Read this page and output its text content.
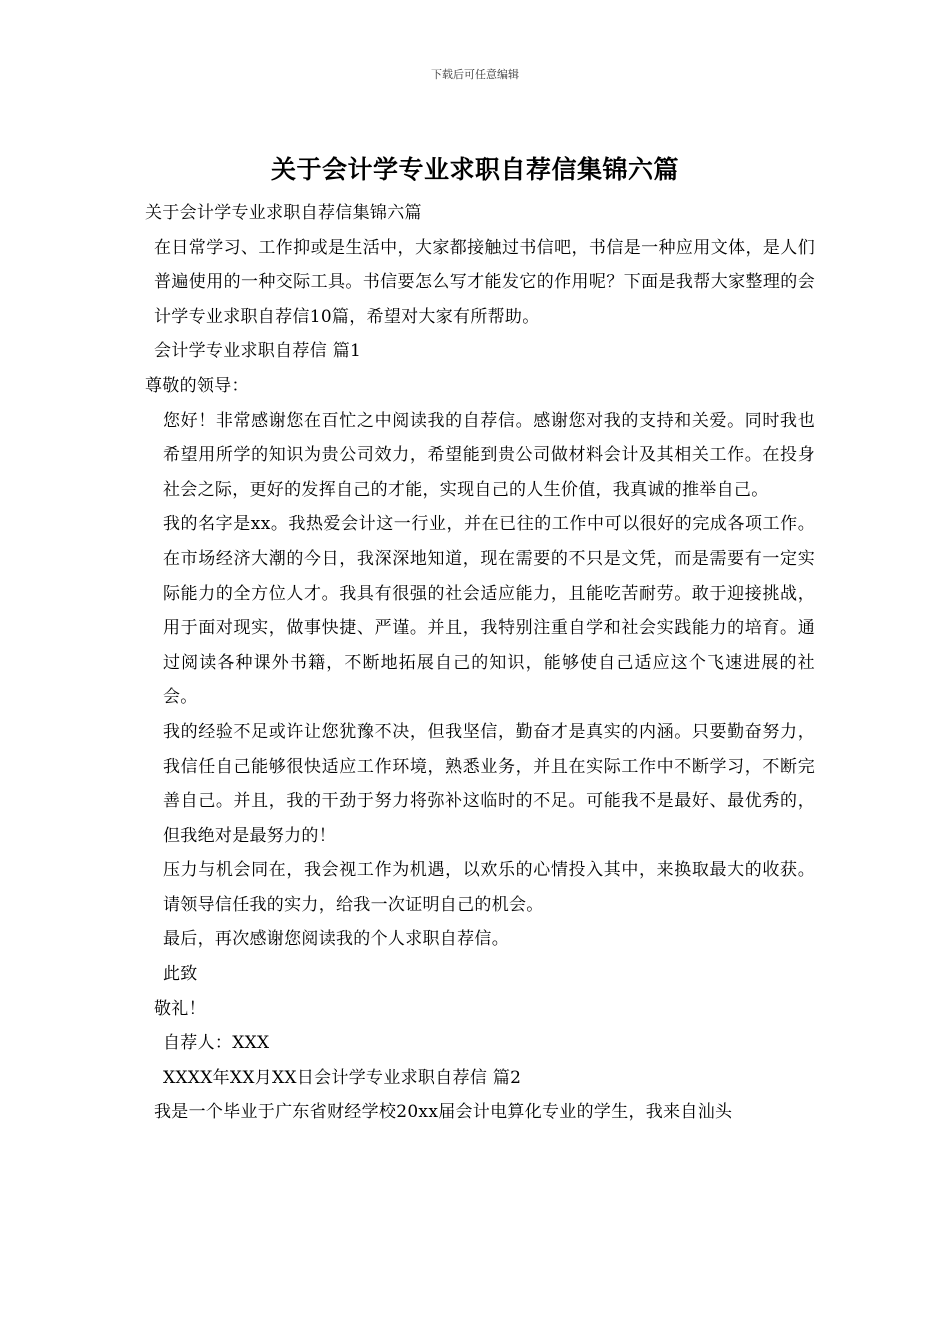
下载后可任意编辑
关于会计学专业求职自荐信集锦六篇
关于会计学专业求职自荐信集锦六篇
在日常学习、工作抑或是生活中，大家都接触过书信吧，书信是一种应用文体，是人们普遍使用的一种交际工具。书信要怎么写才能发它的作用呢？下面是我帮大家整理的会计学专业求职自荐信10篇，希望对大家有所帮助。
会计学专业求职自荐信 篇1
尊敬的领导：
您好！非常感谢您在百忙之中阅读我的自荐信。感谢您对我的支持和关爱。同时我也希望用所学的知识为贵公司效力，希望能到贵公司做材料会计及其相关工作。在投身社会之际，更好的发挥自己的才能，实现自己的人生价值，我真诚的推举自己。
我的名字是xx。我热爱会计这一行业，并在已往的工作中可以很好的完成各项工作。在市场经济大潮的今日，我深深地知道，现在需要的不只是文凭，而是需要有一定实际能力的全方位人才。我具有很强的社会适应能力，且能吃苦耐劳。敢于迎接挑战，用于面对现实，做事快捷、严谨。并且，我特别注重自学和社会实践能力的培育。通过阅读各种课外书籍，不断地拓展自己的知识，能够使自己适应这个飞速进展的社会。
我的经验不足或许让您犹豫不决，但我坚信，勤奋才是真实的内涵。只要勤奋努力，我信任自己能够很快适应工作环境，熟悉业务，并且在实际工作中不断学习，不断完善自己。并且，我的干劲于努力将弥补这临时的不足。可能我不是最好、最优秀的，但我绝对是最努力的！
压力与机会同在，我会视工作为机遇，以欢乐的心情投入其中，来换取最大的收获。请领导信任我的实力，给我一次证明自己的机会。
最后，再次感谢您阅读我的个人求职自荐信。
此致
敬礼！
自荐人：XXX
XXXX年XX月XX日会计学专业求职自荐信 篇2
我是一个毕业于广东省财经学校20xx届会计电算化专业的学生，我来自汕头
